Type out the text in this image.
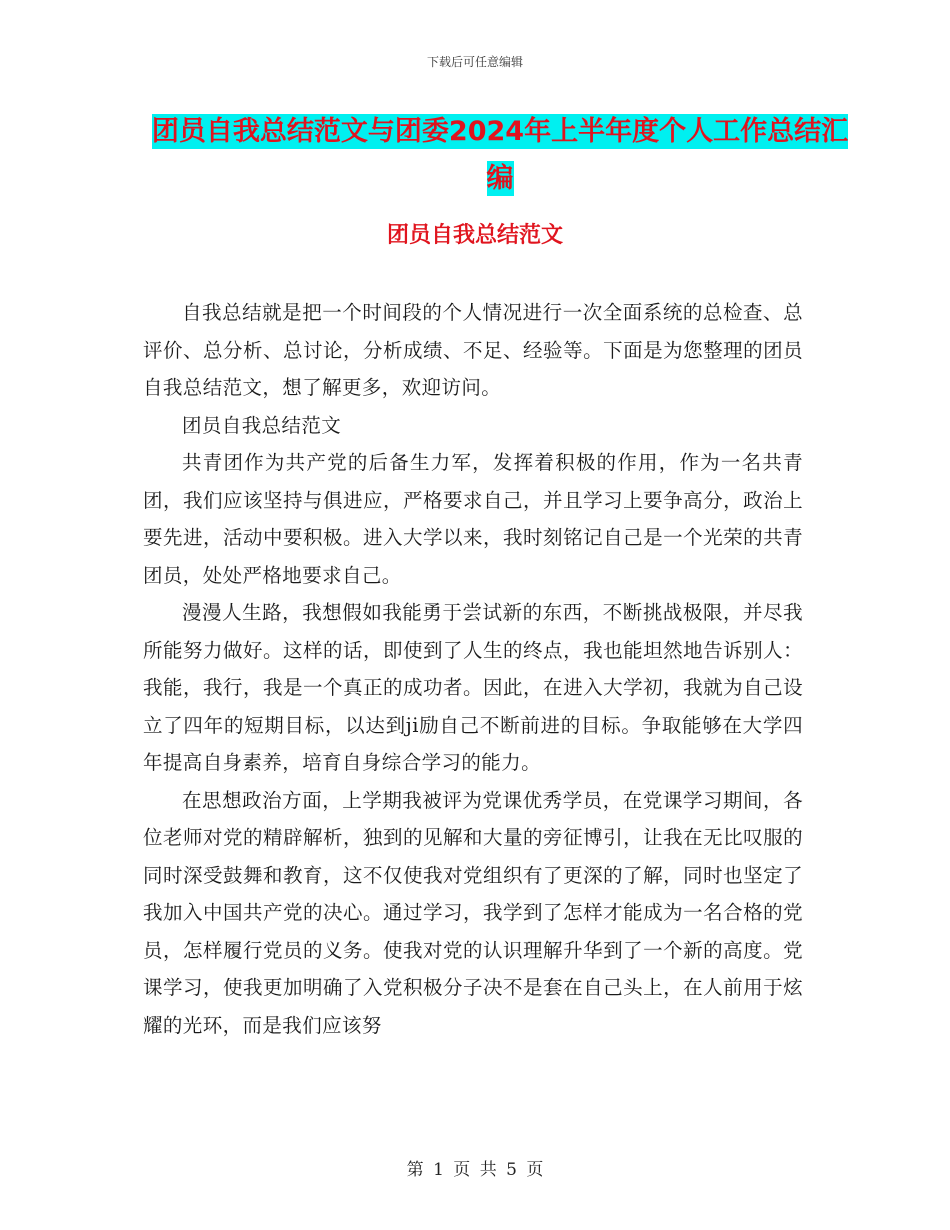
下载后可任意编辑
团员自我总结范文与团委2024年上半年度个人工作总结汇编
团员自我总结范文

自我总结就是把一个时间段的个人情况进行一次全面系统的总检查、总评价、总分析、总讨论，分析成绩、不足、经验等。下面是为您整理的团员自我总结范文，想了解更多，欢迎访问。

团员自我总结范文

共青团作为共产党的后备生力军，发挥着积极的作用，作为一名共青团，我们应该坚持与俱进应，严格要求自己，并且学习上要争高分，政治上要先进，活动中要积极。进入大学以来，我时刻铭记自己是一个光荣的共青团员，处处严格地要求自己。

漫漫人生路，我想假如我能勇于尝试新的东西，不断挑战极限，并尽我所能努力做好。这样的话，即使到了人生的终点，我也能坦然地告诉别人：我能，我行，我是一个真正的成功者。因此，在进入大学初，我就为自己设立了四年的短期目标，以达到ji励自己不断前进的目标。争取能够在大学四年提高自身素养，培育自身综合学习的能力。

在思想政治方面，上学期我被评为党课优秀学员，在党课学习期间，各位老师对党的精辟解析，独到的见解和大量的旁征博引，让我在无比叹服的同时深受鼓舞和教育，这不仅使我对党组织有了更深的了解，同时也坚定了我加入中国共产党的决心。通过学习，我学到了怎样才能成为一名合格的党员，怎样履行党员的义务。使我对党的认识理解升华到了一个新的高度。党课学习，使我更加明确了入党积极分子决不是套在自己头上，在人前用于炫耀的光环，而是我们应该努

第 1 页 共 5 页
